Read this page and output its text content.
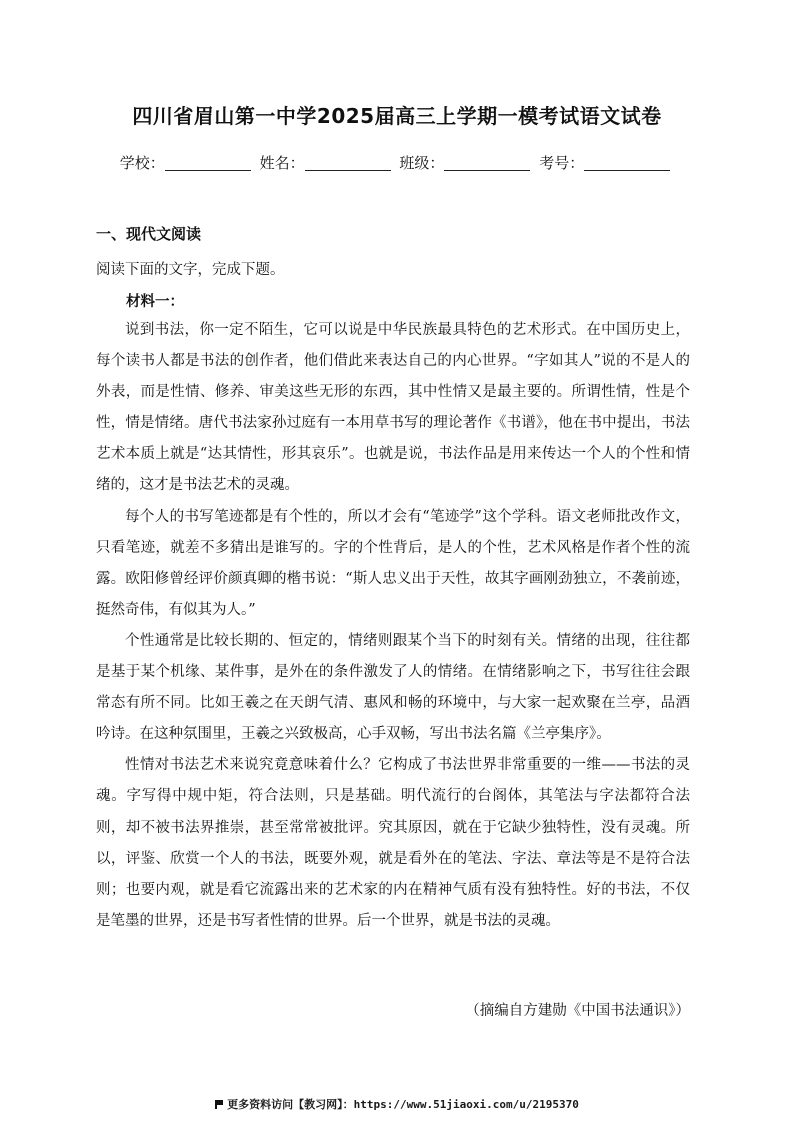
四川省眉山第一中学2025届高三上学期一模考试语文试卷
学校：	姓名：	班级：	考号：
一、现代文阅读
阅读下面的文字，完成下题。
材料一：

说到书法，你一定不陌生，它可以说是中华民族最具特色的艺术形式。在中国历史上，每个读书人都是书法的创作者，他们借此来表达自己的内心世界。“字如其人”说的不是人的外表，而是性情、修养、审美这些无形的东西，其中性情又是最主要的。所谓性情，性是个性，情是情绪。唐代书法家孙过庭有一本用草书写的理论著作《书谱》，他在书中提出，书法艺术本质上就是“达其情性，形其哀乐”。也就是说，书法作品是用来传达一个人的个性和情绪的，这才是书法艺术的灵魂。

每个人的书写笔迹都是有个性的，所以才会有“笔迹学”这个学科。语文老师批改作文，只看笔迹，就差不多猜出是谁写的。字的个性背后，是人的个性，艺术风格是作者个性的流露。欧阳修曾经评价颜真卿的楷书说：“斯人忠义出于天性，故其字画刚劲独立，不袭前迹，挺然奇伟，有似其为人。”

个性通常是比较长期的、恒定的，情绪则跟某个当下的时刻有关。情绪的出现，往往都是基于某个机缘、某件事，是外在的条件激发了人的情绪。在情绪影响之下，书写往往会跟常态有所不同。比如王羲之在天朗气清、惠风和畅的环境中，与大家一起欢聚在兰亭，品酒吟诗。在这种氛围里，王羲之兴致极高，心手双畅，写出书法名篇《兰亭集序》。

性情对书法艺术来说究竟意味着什么？它构成了书法世界非常重要的一维——书法的灵魂。字写得中规中矩，符合法则，只是基础。明代流行的台阁体，其笔法与字法都符合法则，却不被书法界推崇，甚至常常被批评。究其原因，就在于它缺少独特性，没有灵魂。所以，评鉴、欣赏一个人的书法，既要外观，就是看外在的笔法、字法、章法等是不是符合法则；也要内观，就是看它流露出来的艺术家的内在精神气质有没有独特性。好的书法，不仅是笔墨的世界，还是书写者性情的世界。后一个世界，就是书法的灵魂。

（摘编自方建勋《中国书法通识》）
更多资料访问【教习网】：https://www.51jiaoxi.com/u/2195370
